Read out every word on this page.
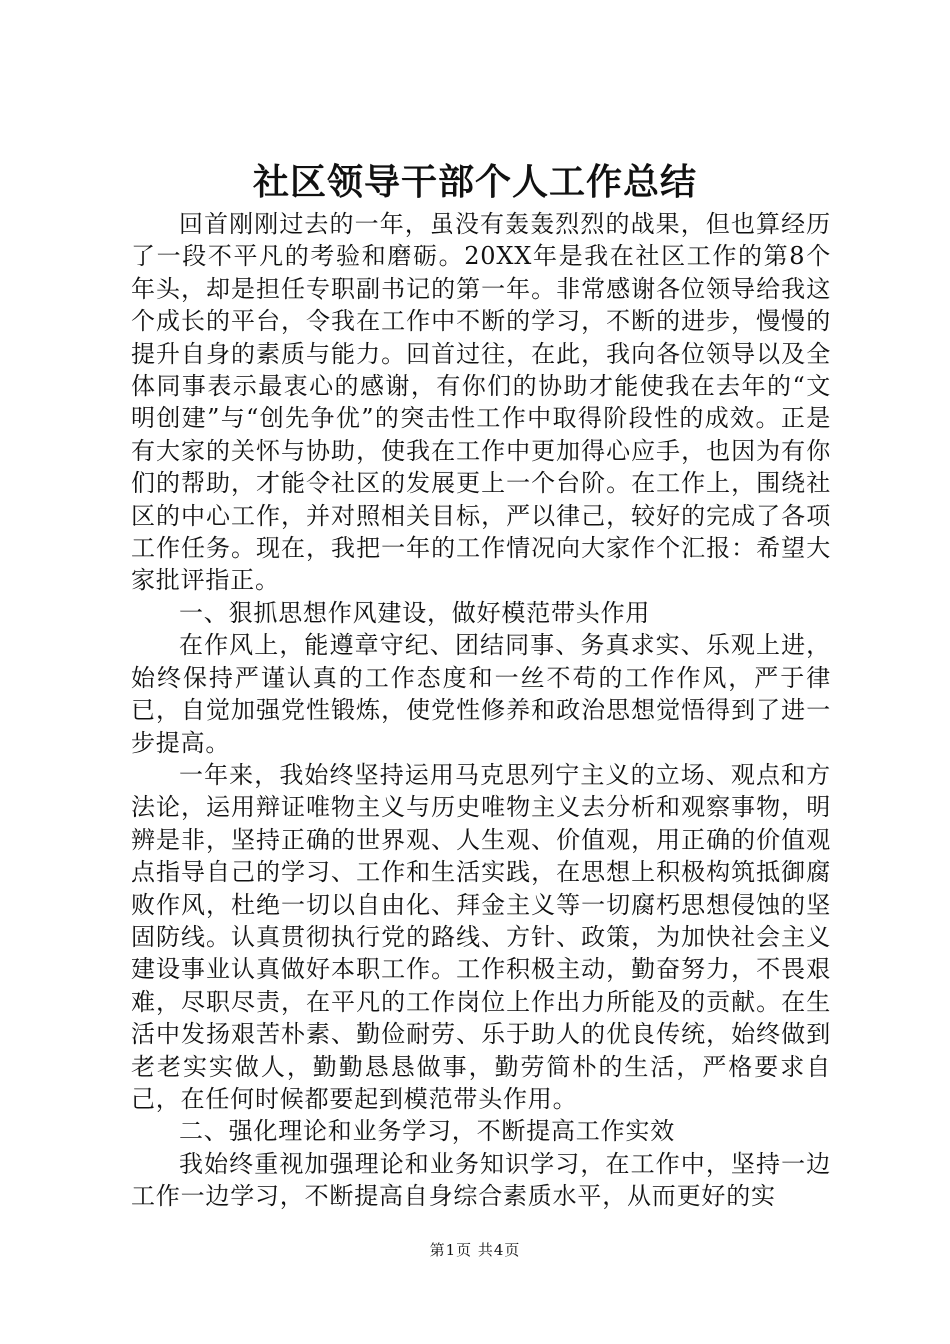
社区领导干部个人工作总结

回首刚刚过去的一年，虽没有轰轰烈烈的战果，但也算经历了一段不平凡的考验和磨砺。20XX年是我在社区工作的第8个年头，却是担任专职副书记的第一年。非常感谢各位领导给我这个成长的平台，令我在工作中不断的学习，不断的进步，慢慢的提升自身的素质与能力。回首过往，在此，我向各位领导以及全体同事表示最衷心的感谢，有你们的协助才能使我在去年的“文明创建”与“创先争优”的突击性工作中取得阶段性的成效。正是有大家的关怀与协助，使我在工作中更加得心应手，也因为有你们的帮助，才能令社区的发展更上一个台阶。在工作上，围绕社区的中心工作，并对照相关目标，严以律己，较好的完成了各项工作任务。现在，我把一年的工作情况向大家作个汇报：希望大家批评指正。

一、狠抓思想作风建设，做好模范带头作用

在作风上，能遵章守纪、团结同事、务真求实、乐观上进，始终保持严谨认真的工作态度和一丝不苟的工作作风，严于律已，自觉加强党性锻炼，使党性修养和政治思想觉悟得到了进一步提高。

一年来，我始终坚持运用马克思列宁主义的立场、观点和方法论，运用辩证唯物主义与历史唯物主义去分析和观察事物，明辨是非，坚持正确的世界观、人生观、价值观，用正确的价值观点指导自己的学习、工作和生活实践，在思想上积极构筑抵御腐败作风，杜绝一切以自由化、拜金主义等一切腐朽思想侵蚀的坚固防线。认真贯彻执行党的路线、方针、政策，为加快社会主义建设事业认真做好本职工作。工作积极主动，勤奋努力，不畏艰难，尽职尽责，在平凡的工作岗位上作出力所能及的贡献。在生活中发扬艰苦朴素、勤俭耐劳、乐于助人的优良传统，始终做到老老实实做人，勤勤恳恳做事，勤劳简朴的生活，严格要求自己，在任何时候都要起到模范带头作用。

二、强化理论和业务学习，不断提高工作实效

我始终重视加强理论和业务知识学习，在工作中，坚持一边工作一边学习，不断提高自身综合素质水平，从而更好的实

第1页 共4页
